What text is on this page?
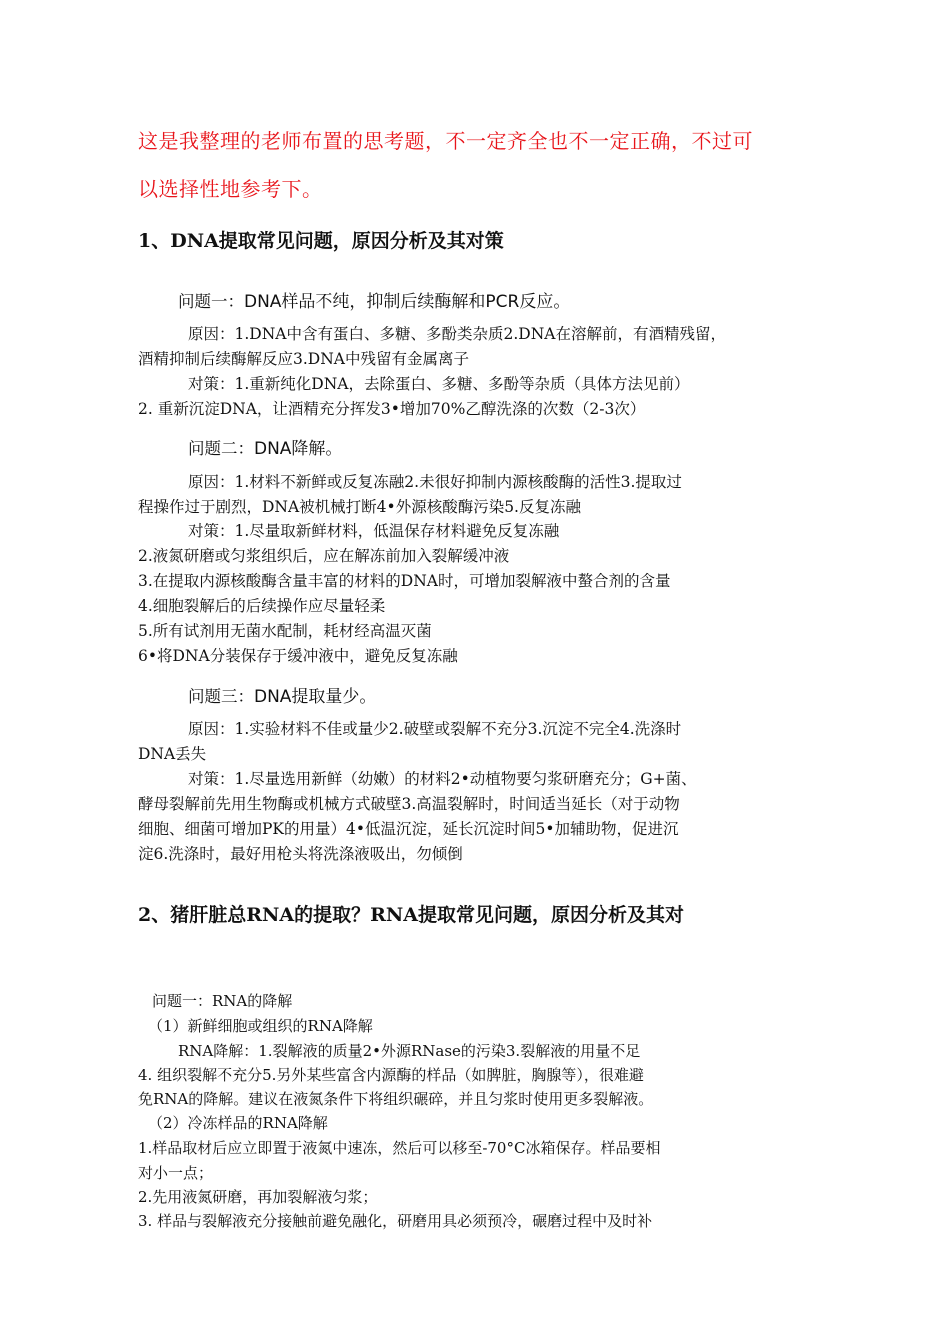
这是我整理的老师布置的思考题，不一定齐全也不一定正确，不过可

以选择性地参考下。

1、DNA提取常见问题，原因分析及其对策

问题一：DNA样品不纯，抑制后续酶解和PCR反应。

原因：1.DNA中含有蛋白、多糖、多酚类杂质2.DNA在溶解前，有酒精残留，

酒精抑制后续酶解反应3.DNA中残留有金属离子

对策：1.重新纯化DNA，去除蛋白、多糖、多酚等杂质（具体方法见前）

2. 重新沉淀DNA，让酒精充分挥发3•增加70%乙醇洗涤的次数（2-3次）

问题二：DNA降解。

原因：1.材料不新鲜或反复冻融2.未很好抑制内源核酸酶的活性3.提取过

程操作过于剧烈，DNA被机械打断4•外源核酸酶污染5.反复冻融

对策：1.尽量取新鲜材料，低温保存材料避免反复冻融

2.液氮研磨或匀浆组织后，应在解冻前加入裂解缓冲液

3.在提取内源核酸酶含量丰富的材料的DNA时，可增加裂解液中螯合剂的含量

4.细胞裂解后的后续操作应尽量轻柔

5.所有试剂用无菌水配制，耗材经高温灭菌

6•将DNA分装保存于缓冲液中，避免反复冻融

问题三：DNA提取量少。

原因：1.实验材料不佳或量少2.破壁或裂解不充分3.沉淀不完全4.洗涤时

DNA丢失

对策：1.尽量选用新鲜（幼嫩）的材料2•动植物要匀浆研磨充分；G+菌、

酵母裂解前先用生物酶或机械方式破壁3.高温裂解时，时间适当延长（对于动物

细胞、细菌可增加PK的用量）4•低温沉淀，延长沉淀时间5•加辅助物，促进沉

淀6.洗涤时，最好用枪头将洗涤液吸出，勿倾倒

2、猪肝脏总RNA的提取？RNA提取常见问题，原因分析及其对

问题一：RNA的降解

（1）新鲜细胞或组织的RNA降解

RNA降解：1.裂解液的质量2•外源RNase的污染3.裂解液的用量不足

4. 组织裂解不充分5.另外某些富含内源酶的样品（如脾脏，胸腺等），很难避

免RNA的降解。建议在液氮条件下将组织碾碎，并且匀浆时使用更多裂解液。

（2）冷冻样品的RNA降解

1.样品取材后应立即置于液氮中速冻，然后可以移至-70°C冰箱保存。样品要相

对小一点；

2.先用液氮研磨，再加裂解液匀浆；

3. 样品与裂解液充分接触前避免融化，研磨用具必须预冷，碾磨过程中及时补
